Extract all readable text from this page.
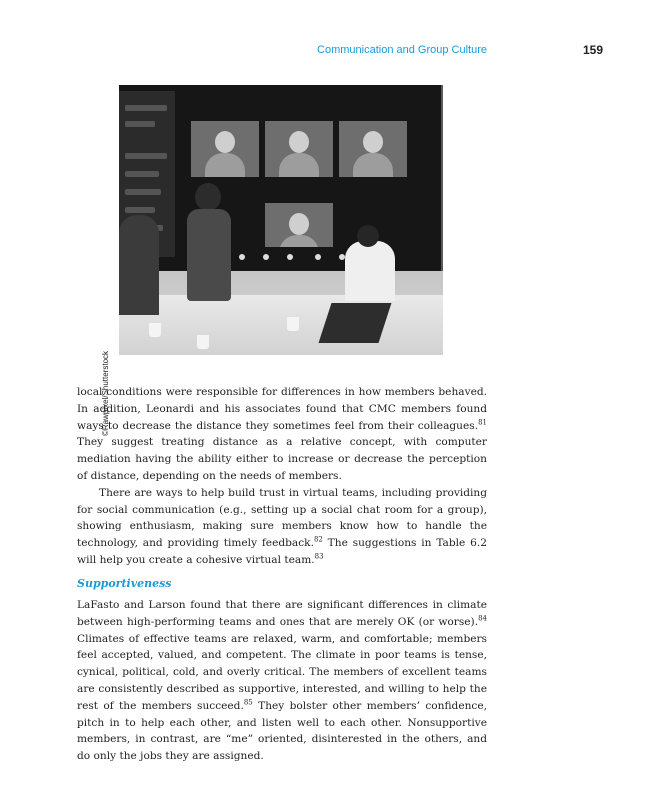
Communication and Group Culture	159
©Rawpixel/Shutterstock

local conditions were responsible for differences in how members behaved. In addition, Leonardi and his associates found that CMC members found ways to decrease the distance they sometimes feel from their colleagues.$^{81}$ They suggest treating distance as a relative concept, with computer mediation having the ability either to increase or decrease the perception of distance, depending on the needs of members.

There are ways to help build trust in virtual teams, including providing for social communication (e.g., setting up a social chat room for a group), showing enthusiasm, making sure members know how to handle the technology, and providing timely feedback.$^{82}$ The suggestions in Table 6.2 will help you create a cohesive virtual team.$^{83}$

Supportiveness

LaFasto and Larson found that there are significant differences in climate between high-performing teams and ones that are merely OK (or worse).$^{84}$ Climates of effective teams are relaxed, warm, and comfortable; members feel accepted, valued, and competent. The climate in poor teams is tense, cynical, political, cold, and overly critical. The members of excellent teams are consistently described as supportive, interested, and willing to help the rest of the members succeed.$^{85}$ They bolster other members’ confidence, pitch in to help each other, and listen well to each other. Nonsupportive members, in contrast, are “me” oriented, disinterested in the others, and do only the jobs they are assigned.
